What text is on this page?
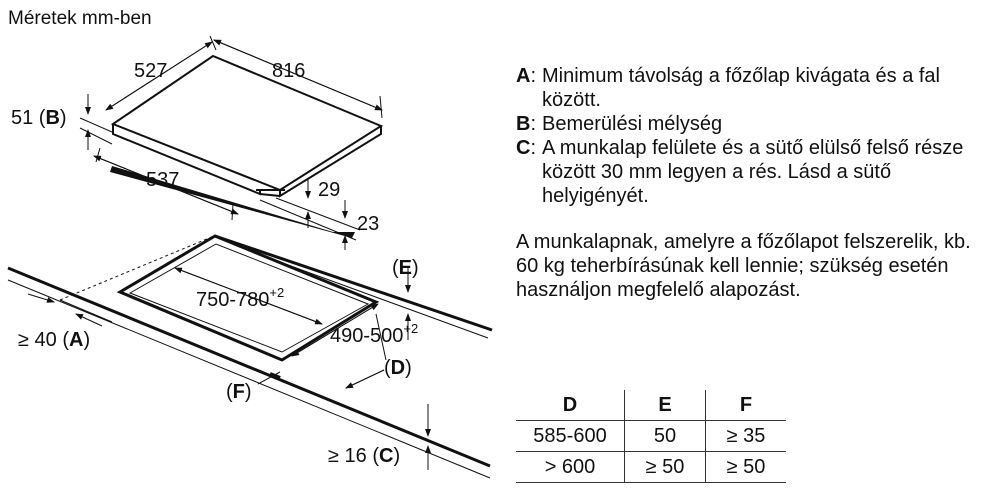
Méretek mm-ben
527	816
51 (B)
537	29
23
$750-780^{+2}$
$490-500^{+2}$
(E)
(D)
(F)
≥ 40 (A)
≥ 16 (C)
A : Minimum távolság a főzőlap kivágata és a fal között.
B : Bemerülési mélység
C : A munkalap felülete és a sütő elülső felső része között 30 mm legyen a rés. Lásd a sütő helyigényét.
A munkalapnak, amelyre a főzőlapot felszerelik, kb. 60 kg teherbírásúnak kell lennie; szükség esetén használjon megfelelő alapozást.
D	E	F
585-600	50	≥ 35
> 600	≥ 50	≥ 50
